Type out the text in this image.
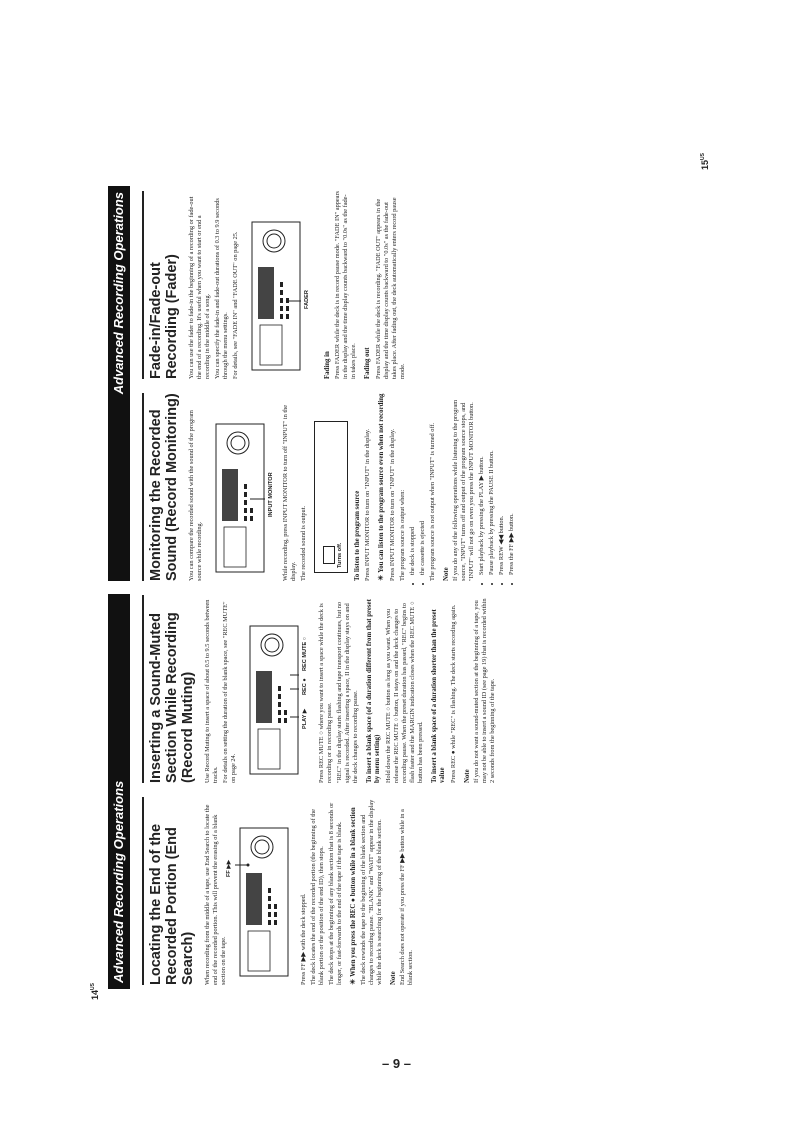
Advanced Recording Operations
Advanced Recording Operations
Locating the End of the Recorded Portion (End Search) When recording from the middle of a tape, use End Search to locate the end of the recorded portion. This will prevent the erasing of a blank section on the tape.

FF ▶▶

Press FF ▶▶ with the deck stopped. The deck locates the end of the recorded portion (the beginning of the blank portion or the position of the end ID), then stops. The deck stops at the beginning of any blank section that is 8 seconds or longer, or fast-forwards to the end of the tape if the tape is blank. ☀When you press the REC ● button while in a blank section The deck rewinds the tape to the beginning of the blank section and changes to recording pause. "BLANK" and "WAIT" appear in the display while the deck is searching for the beginning of the blank section. Note End Search does not operate if you press the FF ▶▶ button while in a blank section.

Inserting a Sound-Muted Section While Recording (Record Muting) Use Record Muting to insert a space of about 0.5 to 9.5 seconds between tracks. For details on setting the duration of the blank space, see "REC MUTE" on page 24.

PLAY ▶
REC ●
REC MUTE ○ Press REC MUTE ○ where you want to insert a space while the deck is recording or in recording pause. "REC" in the display starts flashing and tape transport continues, but no signal is recorded. After inserting a space, II in the display stays on and the deck changes to recording pause. To insert a blank space (of a duration different from that preset by menu setting) Hold down the REC MUTE ○ button as long as you want. When you release the REC MUTE ○ button, II stays on and the deck changes to recording pause. When the preset duration has passed, "REC" begins to flash faster and the MARGIN indication closes when the REC MUTE ○ button has been pressed. To insert a blank space of a duration shorter than the preset value Press REC ● while "REC" is flashing. The deck starts recording again. Note If you do not want a sound-muted section at the beginning of a tape, you may not be able to insert a sound ID (see page 19) that is recorded within 2 seconds from the beginning of the tape.

Monitoring the Recorded Sound (Record Monitoring) You can compare the recorded sound with the sound of the program source while recording.

INPUT MONITOR While recording, press INPUT MONITOR to turn off "INPUT" in the display. The recorded sound is output.	Turns off. To listen to the program source Press INPUT MONITOR to turn on "INPUT" in the display. ☀You can listen to the program source even when not recording Press INPUT MONITOR to turn on "INPUT" in the display. The program source is output when: • the deck is stopped • the cassette is ejected The program source is not output when "INPUT" is turned off. Note If you do any of the following operations while listening to the program source, "INPUT" turns off and output of the program source stops, and "INPUT" will not go on even you press the INPUT MONITOR button. • Start playback by pressing the PLAY ▶ button. • Pause playback by pressing the PAUSE II button. • Press REW ◀◀ button. • Press the FF ▶▶ button.
Fade-in/Fade-out Recording (Fader) You can use the fader to fade-in the beginning of a recording or fade-out the end of a recording. It's useful when you want to start or end a recording in the middle of a song. You can specify the fade-in and fade-out durations of 0.3 to 9.9 seconds through the menu settings. For details, see "FADE IN" and "FADE OUT" on page 25.	FADER

Fading in Press FADER while the deck is in record pause mode. "FADE IN" appears in the display and the time display counts backward to "0.0s" as the fade-in takes place. Fading out Press FADER while the deck is recording. "FADE OUT" appears in the display and the time display counts backward to "0.0s" as the fade-out takes place. After fading out, the deck automatically enters record pause mode.

$14^{US}$
$15^{US}$
– 9 –
